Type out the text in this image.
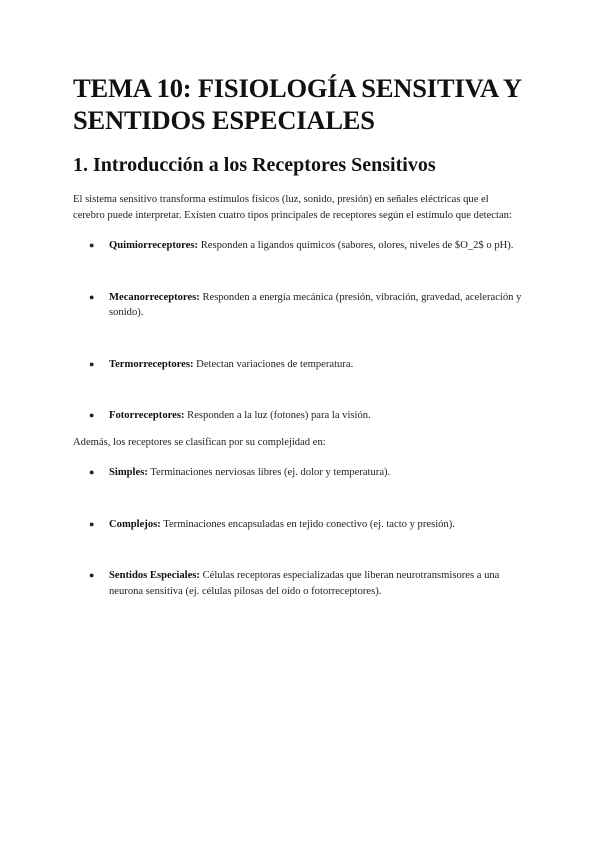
TEMA 10: FISIOLOGÍA SENSITIVA Y SENTIDOS ESPECIALES
1. Introducción a los Receptores Sensitivos

El sistema sensitivo transforma estímulos físicos (luz, sonido, presión) en señales eléctricas que el cerebro puede interpretar. Existen cuatro tipos principales de receptores según el estímulo que detectan:

● Quimiorreceptores: Responden a ligandos químicos (sabores, olores, niveles de $O_2$ o pH).
● Mecanorreceptores: Responden a energía mecánica (presión, vibración, gravedad, aceleración y sonido).
● Termorreceptores: Detectan variaciones de temperatura.
● Fotorreceptores: Responden a la luz (fotones) para la visión.

Además, los receptores se clasifican por su complejidad en:

● Simples: Terminaciones nerviosas libres (ej. dolor y temperatura).
● Complejos: Terminaciones encapsuladas en tejido conectivo (ej. tacto y presión).
● Sentidos Especiales: Células receptoras especializadas que liberan neurotransmisores a una neurona sensitiva (ej. células pilosas del oído o fotorreceptores).
